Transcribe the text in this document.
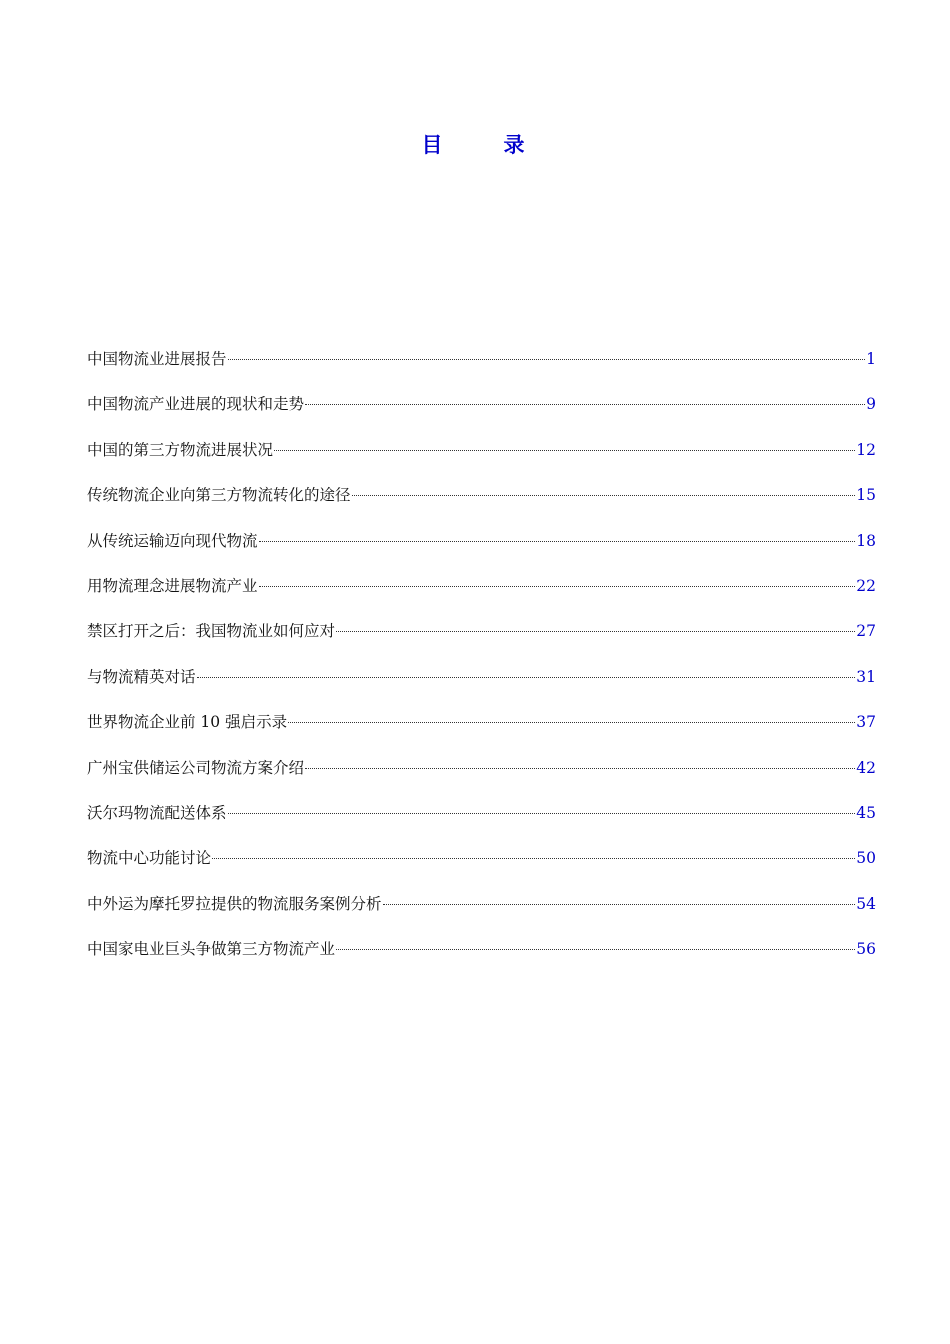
目　录
中国物流业进展报告	1
中国物流产业进展的现状和走势	9
中国的第三方物流进展状况	12
传统物流企业向第三方物流转化的途径	15
从传统运输迈向现代物流	18
用物流理念进展物流产业	22
禁区打开之后：我国物流业如何应对	27
与物流精英对话	31
世界物流企业前 10 强启示录	37
广州宝供储运公司物流方案介绍	42
沃尔玛物流配送体系	45
物流中心功能讨论	50
中外运为摩托罗拉提供的物流服务案例分析	54
中国家电业巨头争做第三方物流产业	56
